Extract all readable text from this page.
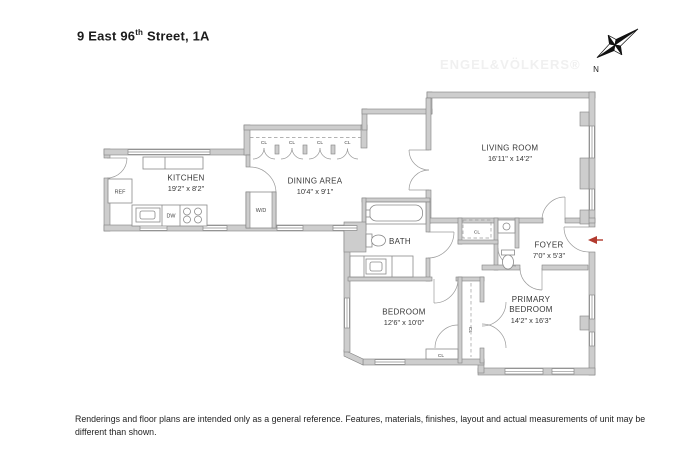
9 East 96th Street, 1A
ENGEL&VÖLKERS®
KITCHEN
19'2" x 8'2"
DINING AREA
10'4" x 9'1"
LIVING ROOM
16'11" x 14'2"
BATH	FOYER
7'0" x 5'3"
BEDROOM
12'6" x 10'0"
PRIMARY
BEDROOM
14'2" x 16'3"
REF
DW
W/D
CL	CL	CL	CL
CL
CL
CL
N
Renderings and floor plans are intended only as a general reference. Features, materials, finishes, layout and actual measurements of unit may be different than shown.
